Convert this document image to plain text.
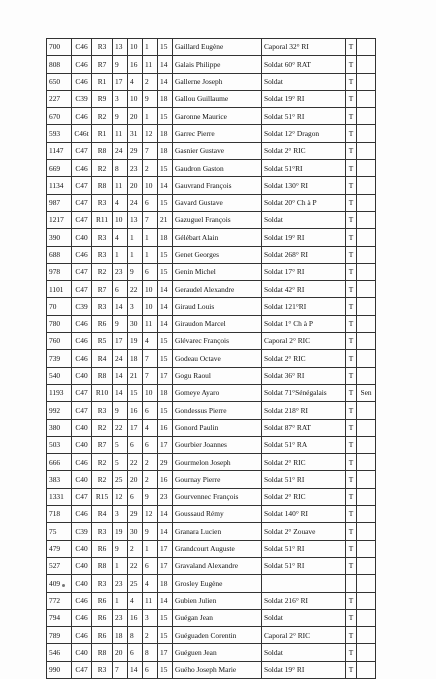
700	C46	R3	13	10	1	15	Gaillard Eugène	Caporal 32° RI	T	
808	C46	R7	9	16	11	14	Galais Philippe	Soldat 60° RAT	T	
650	C46	R1	17	4	2	14	Gallerne Joseph	Soldat	T	
227	C39	R9	3	10	9	18	Gallou Guillaume	Soldat 19° RI	T	
670	C46	R2	9	20	1	15	Garonne Maurice	Soldat 51° RI	T	
593	C46t	R1	11	31	12	18	Garrec Pierre	Soldat 12° Dragon	T	
1147	C47	R8	24	29	7	18	Gasnier Gustave	Soldat 2° RIC	T	
669	C46	R2	8	23	2	15	Gaudron Gaston	Soldat 51°RI	T	
1134	C47	R8	11	20	10	14	Gauvrand François	Soldat 130° RI	T	
987	C47	R3	4	24	6	15	Gavard Gustave	Soldat 20° Ch à P	T	
1217	C47	R11	10	13	7	21	Gazuguel François	Soldat	T	
390	C40	R3	4	1	1	18	Gélébart Alain	Soldat 19° RI	T	
688	C46	R3	1	1	1	15	Genet Georges	Soldat 268° RI	T	
978	C47	R2	23	9	6	15	Genin Michel	Soldat 17° RI	T	
1101	C47	R7	6	22	10	14	Geraudel Alexandre	Soldat 42° RI	T	
70	C39	R3	14	3	10	14	Giraud Louis	Soldat 121°RI	T	
780	C46	R6	9	30	11	14	Giraudon Marcel	Soldat 1° Ch à P	T	
760	C46	R5	17	19	4	15	Glévarec François	Caporal 2° RIC	T	
739	C46	R4	24	18	7	15	Godeau Octave	Soldat 2° RIC	T	
540	C40	R8	14	21	7	17	Gogu Raoul	Soldat 36° RI	T	
1193	C47	R10	14	15	10	18	Gomeye Ayaro	Soldat 71°Sénégalais	T	Sen
992	C47	R3	9	16	6	15	Gondessus Pierre	Soldat 218° RI	T	
380	C40	R2	22	17	4	16	Gonord Paulin	Soldat 87° RAT	T	
503	C40	R7	5	6	6	17	Gourbier Joannes	Soldat 51° RA	T	
666	C46	R2	5	22	2	29	Gourmelon Joseph	Soldat 2° RIC	T	
383	C40	R2	25	20	2	16	Gournay Pierre	Soldat 51° RI	T	
1331	C47	R15	12	6	9	23	Gourvennec François	Soldat 2° RIC	T	
718	C46	R4	3	29	12	14	Goussaud Rémy	Soldat 140° RI	T	
75	C39	R3	19	30	9	14	Granara Lucien	Soldat 2° Zouave	T	
479	C40	R6	9	2	1	17	Grandcourt Auguste	Soldat 51° RI	T	
527	C40	R8	1	22	6	17	Gravaland Alexandre	Soldat 51° RI	T	
409	C40	R3	23	25	4	18	Grosley Eugène			
772	C46	R6	1	4	11	14	Gubien Julien	Soldat 216° RI	T	
794	C46	R6	23	16	3	15	Guégan Jean	Soldat	T	
789	C46	R6	18	8	2	15	Guéguaden Corentin	Caporal 2° RIC	T	
546	C40	R8	20	6	8	17	Guéguen Jean	Soldat	T	
990	C47	R3	7	14	6	15	Guého Joseph Marie	Soldat 19° RI	T	
